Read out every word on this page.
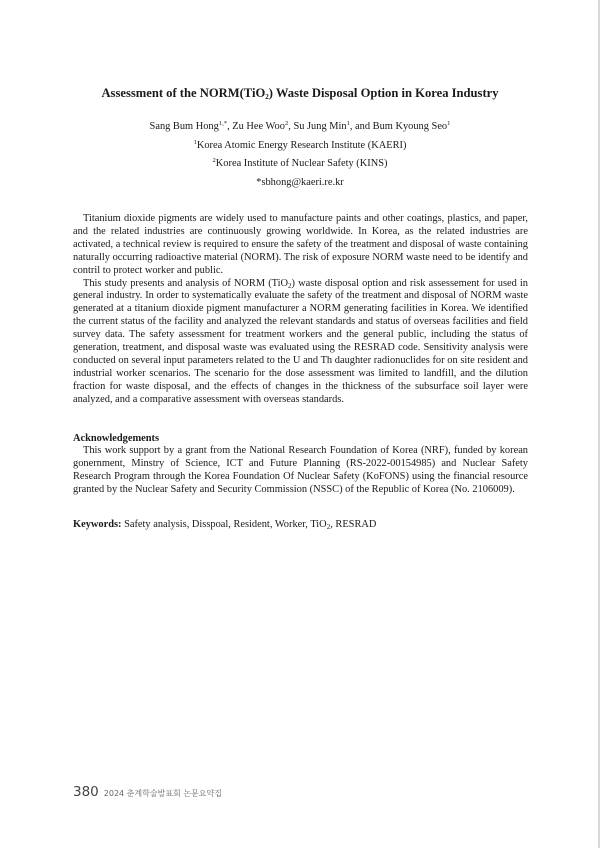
Assessment of the NORM(TiO$_2$) Waste Disposal Option in Korea Industry
Sang Bum Hong$^{1,*}$, Zu Hee Woo$^2$, Su Jung Min$^1$, and Bum Kyoung Seo$^1$
$^1$Korea Atomic Energy Research Institute (KAERI)
$^2$Korea Institute of Nuclear Safety (KINS)
*sbhong@kaeri.re.kr

Titanium dioxide pigments are widely used to manufacture paints and other coatings, plastics, and paper, and the related industries are continuously growing worldwide. In Korea, as the related industries are activated, a technical review is required to ensure the safety of the treatment and disposal of waste containing naturally occurring radioactive material (NORM). The risk of exposure NORM waste need to be identify and contril to protect worker and public.

This study presents and analysis of NORM (TiO$_2$) waste disposal option and risk assessement for used in general industry. In order to systematically evaluate the safety of the treatment and disposal of NORM waste generated at a titanium dioxide pigment manufacturer a NORM generating facilities in Korea. We identified the current status of the facility and analyzed the relevant standards and status of overseas facilities and field survey data. The safety assessment for treatment workers and the general public, including the status of generation, treatment, and disposal waste was evaluated using the RESRAD code. Sensitivity analysis were conducted on several input parameters related to the U and Th daughter radionuclides for on site resident and industrial worker scenarios. The scenario for the dose assessment was limited to landfill, and the dilution fraction for waste disposal, and the effects of changes in the thickness of the subsurface soil layer were analyzed, and a comparative assessment with overseas standards.

Acknowledgements

This work support by a grant from the National Research Foundation of Korea (NRF), funded by korean gonernment, Minstry of Science, ICT and Future Planning (RS-2022-00154985) and Nuclear Safety Research Program through the Korea Foundation Of Nuclear Safety (KoFONS) using the financial resource granted by the Nuclear Safety and Security Commission (NSSC) of the Republic of Korea (No. 2106009).

Keywords: Safety analysis, Disspoal, Resident, Worker, TiO$_2$, RESRAD
380 2024 춘계학술발표회 논문요약집
